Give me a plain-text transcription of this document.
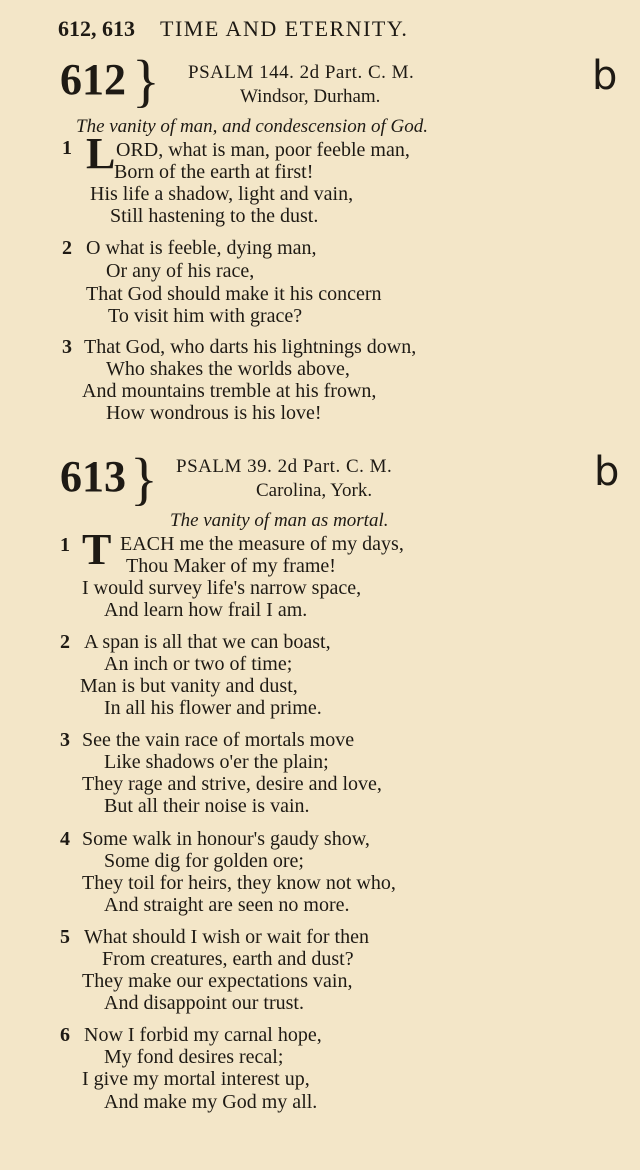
612, 613 TIME AND ETERNITY.
612 } PSALM 144. 2d Part. C. M.
Windsor, Durham.	b
The vanity of man, and condescension of God.
1 L ORD, what is man, poor feeble man,
Born of the earth at first!
His life a shadow, light and vain,
Still hastening to the dust.
2 O what is feeble, dying man,
Or any of his race,
That God should make it his concern
To visit him with grace?
3 That God, who darts his lightnings down,
Who shakes the worlds above,
And mountains tremble at his frown,
How wondrous is his love!
613 } PSALM 39. 2d Part. C. M.
Carolina, York.	b
The vanity of man as mortal.
1 T EACH me the measure of my days,
Thou Maker of my frame!
I would survey life's narrow space,
And learn how frail I am.
2 A span is all that we can boast,
An inch or two of time;
Man is but vanity and dust,
In all his flower and prime.
3 See the vain race of mortals move
Like shadows o'er the plain;
They rage and strive, desire and love,
But all their noise is vain.
4 Some walk in honour's gaudy show,
Some dig for golden ore;
They toil for heirs, they know not who,
And straight are seen no more.
5 What should I wish or wait for then
From creatures, earth and dust?
They make our expectations vain,
And disappoint our trust.
6 Now I forbid my carnal hope,
My fond desires recal;
I give my mortal interest up,
And make my God my all.
